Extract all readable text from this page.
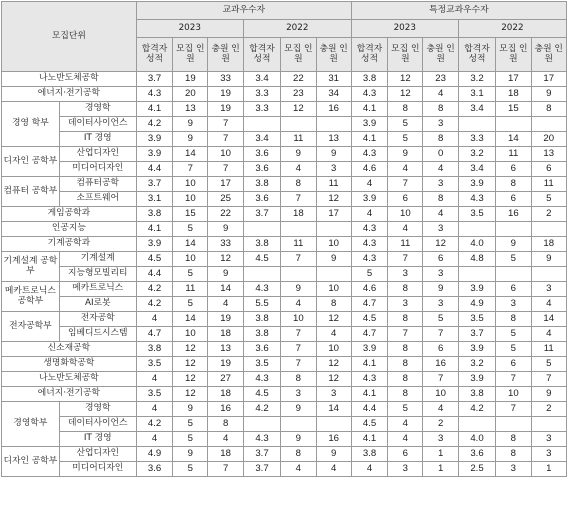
모집단위		교과우수자						특정교과우수자					
		2023			2022			2023			2022		
		합격자 성적	모집 인원	충원 인원	합격자 성적	모집 인원	충원 인원	합격자 성적	모집 인원	충원 인원	합격자 성적	모집 인원	충원 인원
나노반도체공학		3.7	19	33	3.4	22	31	3.8	12	23	3.2	17	17
에너지·전기공학		4.3	20	19	3.3	23	34	4.3	12	4	3.1	18	9
경영 학부	경영학	4.1	13	19	3.3	12	16	4.1	8	8	3.4	15	8
	데이터사이언스	4.2	9	7				3.9	5	3			
	IT 경영	3.9	9	7	3.4	11	13	4.1	5	8	3.3	14	20
디자인 공학부	산업디자인	3.9	14	10	3.6	9	9	4.3	9	0	3.2	11	13
	미디어디자인	4.4	7	7	3.6	4	3	4.6	4	4	3.4	6	6
컴퓨터 공학부	컴퓨터공학	3.7	10	17	3.8	8	11	4	7	3	3.9	8	11
	소프트웨어	3.1	10	25	3.6	7	12	3.9	6	8	4.3	6	5
게임공학과		3.8	15	22	3.7	18	17	4	10	4	3.5	16	2
인공지능		4.1	5	9				4.3	4	3			
기계공학과		3.9	14	33	3.8	11	10	4.3	11	12	4.0	9	18
기계설계 공학부	기계설계	4.5	10	12	4.5	7	9	4.3	7	6	4.8	5	9
	지능형모빌리티	4.4	5	9				5	3	3			
메카트로닉스 공학부	메카트로닉스	4.2	11	14	4.3	9	10	4.6	8	9	3.9	6	3
	AI로봇	4.2	5	4	5.5	4	8	4.7	3	3	4.9	3	4
전자공학부	전자공학	4	14	19	3.8	10	12	4.5	8	5	3.5	8	14
	임베디드시스템	4.7	10	18	3.8	7	4	4.7	7	7	3.7	5	4
신소재공학		3.8	12	13	3.6	7	10	3.9	8	6	3.9	5	11
생명화학공학		3.5	12	19	3.5	7	12	4.1	8	16	3.2	6	5
나노반도체공학		4	12	27	4.3	8	12	4.3	8	7	3.9	7	7
에너지·전기공학		3.5	12	18	4.5	3	3	4.1	8	10	3.8	10	9
경영학부	경영학	4	9	16	4.2	9	14	4.4	5	4	4.2	7	2
	데이터사이언스	4.2	5	8				4.5	4	2			
	IT 경영	4	5	4	4.3	9	16	4.1	4	3	4.0	8	3
디자인 공학부	산업디자인	4.9	9	18	3.7	8	9	3.8	6	1	3.6	8	3
	미디어디자인	3.6	5	7	3.7	4	4	4	3	1	2.5	3	1
